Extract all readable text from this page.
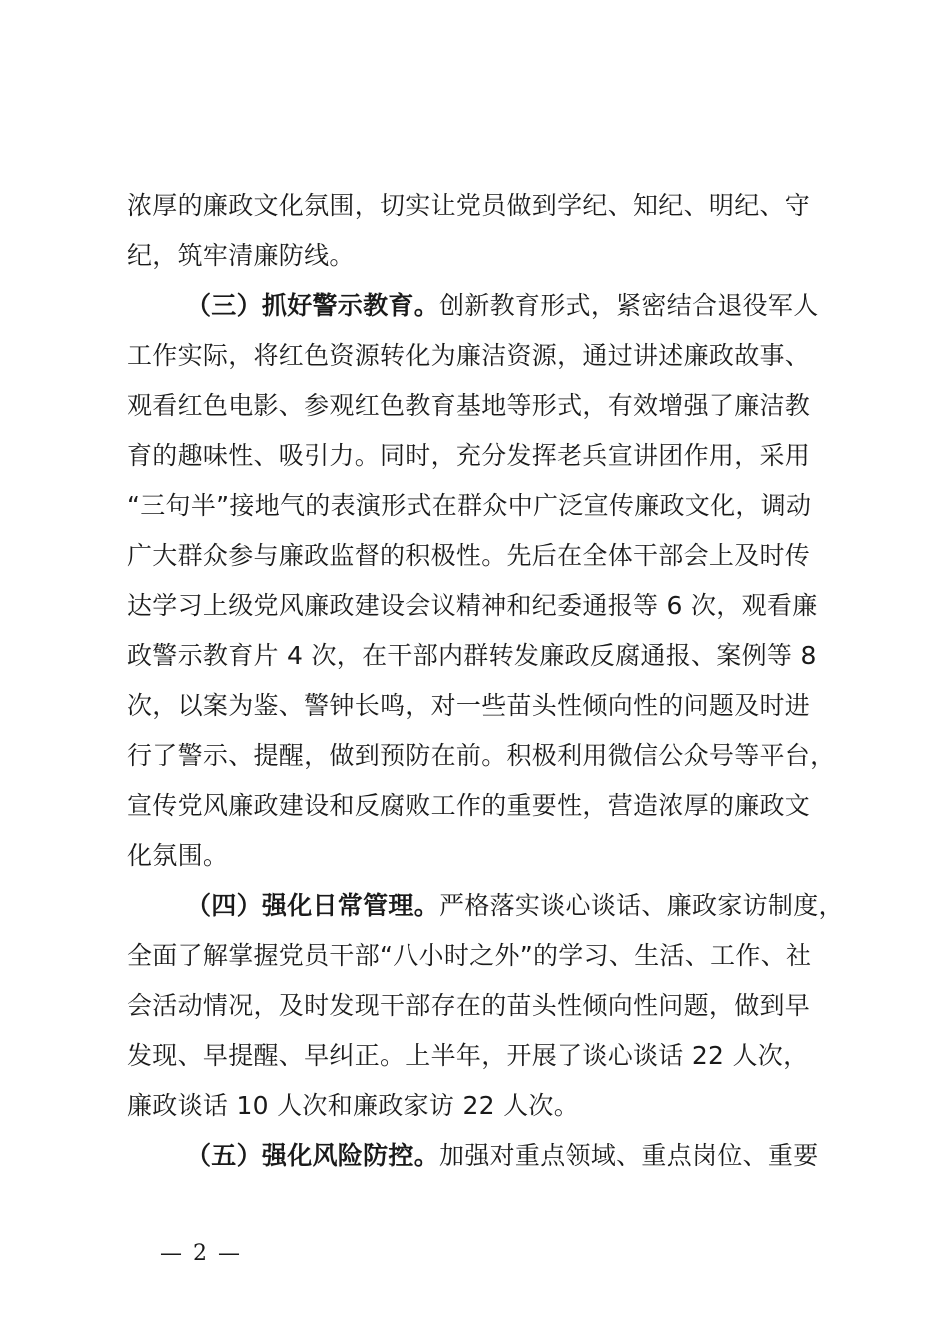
浓厚的廉政文化氛围，切实让党员做到学纪、知纪、明纪、守
纪，筑牢清廉防线。
（三）抓好警示教育。创新教育形式，紧密结合退役军人
工作实际，将红色资源转化为廉洁资源，通过讲述廉政故事、
观看红色电影、参观红色教育基地等形式，有效增强了廉洁教
育的趣味性、吸引力。同时，充分发挥老兵宣讲团作用，采用
“三句半”接地气的表演形式在群众中广泛宣传廉政文化，调动
广大群众参与廉政监督的积极性。先后在全体干部会上及时传
达学习上级党风廉政建设会议精神和纪委通报等 6 次，观看廉
政警示教育片 4 次，在干部内群转发廉政反腐通报、案例等 8
次，以案为鉴、警钟长鸣，对一些苗头性倾向性的问题及时进
行了警示、提醒，做到预防在前。积极利用微信公众号等平台，
宣传党风廉政建设和反腐败工作的重要性，营造浓厚的廉政文
化氛围。
（四）强化日常管理。严格落实谈心谈话、廉政家访制度，
全面了解掌握党员干部“八小时之外”的学习、生活、工作、社
会活动情况，及时发现干部存在的苗头性倾向性问题，做到早
发现、早提醒、早纠正。上半年，开展了谈心谈话 22 人次，
廉政谈话 10 人次和廉政家访 22 人次。
（五）强化风险防控。加强对重点领域、重点岗位、重要
— 2 —
